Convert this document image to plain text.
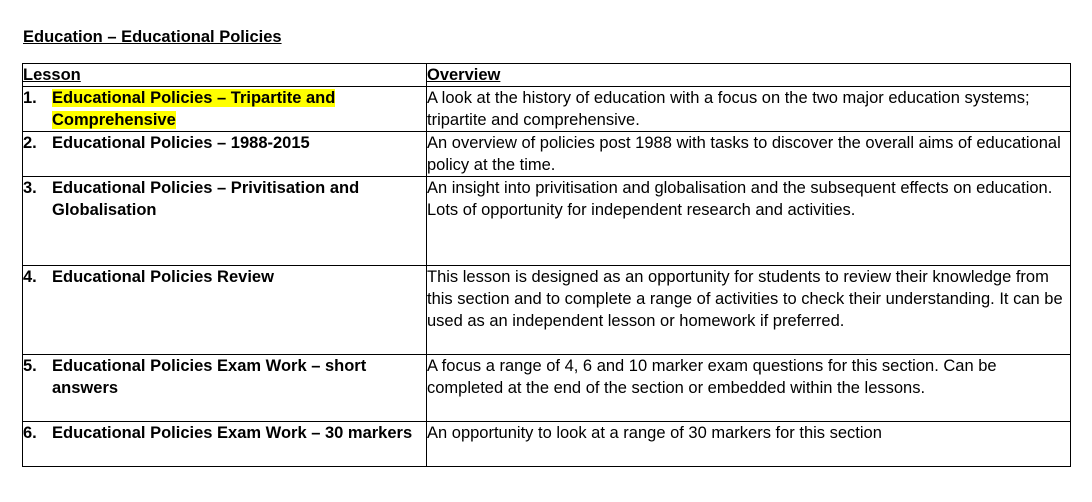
Education – Educational Policies
Lesson	Overview

1. Educational Policies – Tripartite and Comprehensive	A look at the history of education with a focus on the two major education systems; tripartite and comprehensive.

2. Educational Policies – 1988-2015	An overview of policies post 1988 with tasks to discover the overall aims of educational policy at the time.

3. Educational Policies – Privitisation and Globalisation	An insight into privitisation and globalisation and the subsequent effects on education. Lots of opportunity for independent research and activities.

4. Educational Policies Review	This lesson is designed as an opportunity for students to review their knowledge from this section and to complete a range of activities to check their understanding. It can be used as an independent lesson or homework if preferred.

5. Educational Policies Exam Work – short answers	A focus a range of 4, 6 and 10 marker exam questions for this section. Can be completed at the end of the section or embedded within the lessons.

6. Educational Policies Exam Work – 30 markers	An opportunity to look at a range of 30 markers for this section
